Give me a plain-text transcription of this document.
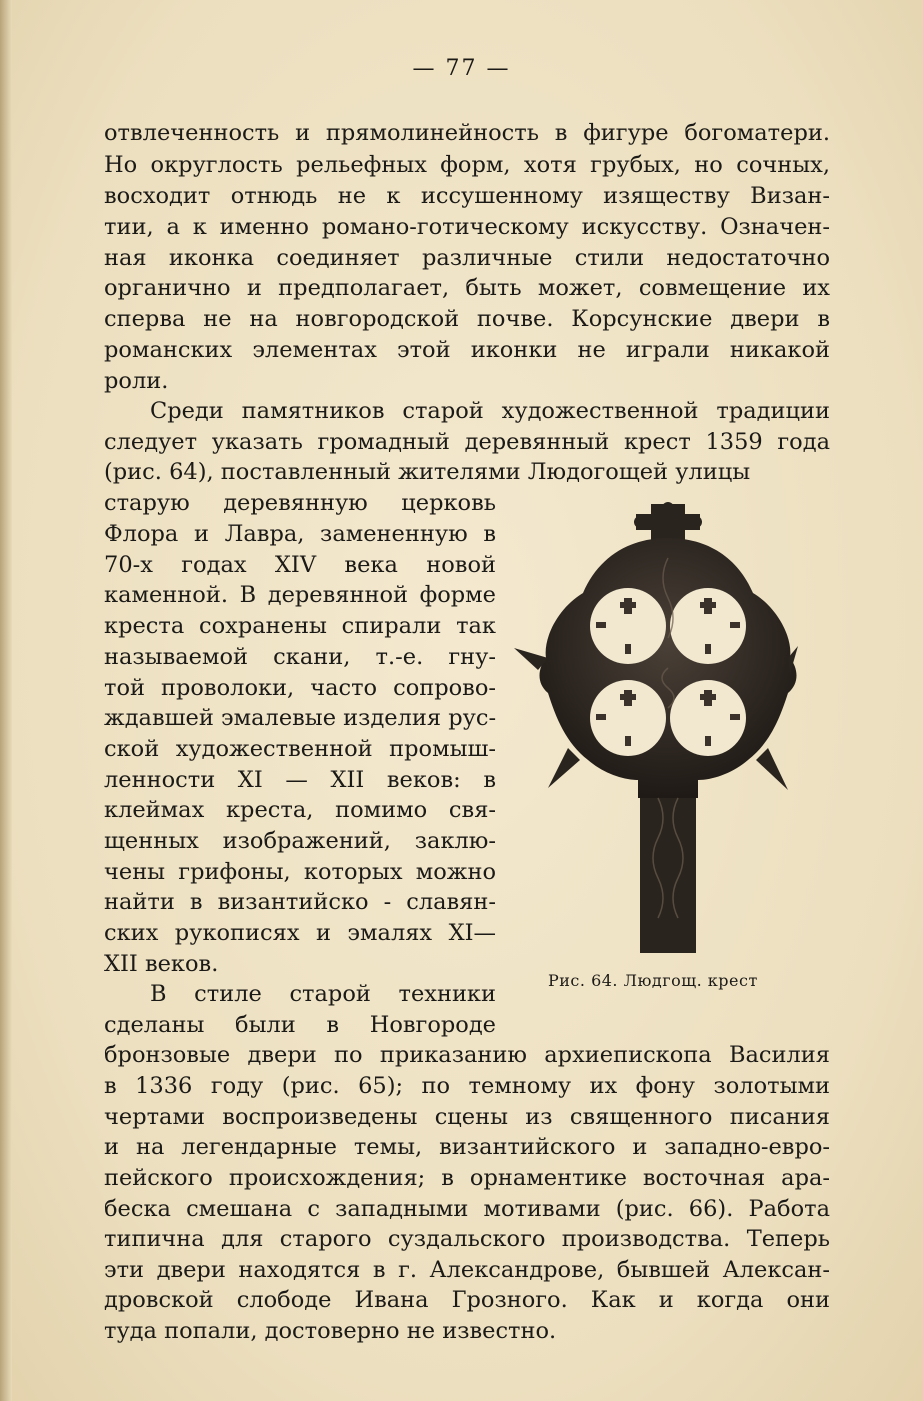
— 77 —
отвлеченность и прямолинейность в фигуре богоматери.
Но округлость рельефных форм, хотя грубых, но сочных,
восходит отнюдь не к иссушенному изяществу Визан-
тии, а к именно романо-готическому искусству. Означен-
ная иконка соединяет различные стили недостаточно
органично и предполагает, быть может, совмещение их
сперва не на новгородской почве. Корсунские двери в
романских элементах этой иконки не играли никакой
роли.
Среди памятников старой художественной традиции
следует указать громадный деревянный крест 1359 года
(рис. 64), поставленный жителями Людогощей улицы
старую деревянную церковь
Флора и Лавра, замененную в
70-х годах XIV века новой
каменной. В деревянной форме
креста сохранены спирали так
называемой скани, т.-е. гну-
той проволоки, часто сопрово-
ждавшей эмалевые изделия рус-
ской художественной промыш-
ленности XI — XII веков: в
клеймах креста, помимо свя-
щенных изображений, заклю-
чены грифоны, которых можно
найти в византийско - славян-
ских рукописях и эмалях XI—
XII веков.
В стиле старой техники
сделаны были в Новгороде
бронзовые двери по приказанию архиепископа Василия
в 1336 году (рис. 65); по темному их фону золотыми
чертами воспроизведены сцены из священного писания
и на легендарные темы, византийского и западно-евро-
пейского происхождения; в орнаментике восточная ара-
беска смешана с западными мотивами (рис. 66). Работа
типична для старого суздальского производства. Теперь
эти двери находятся в г. Александрове, бывшей Алексан-
дровской слободе Ивана Грозного. Как и когда они
туда попали, достоверно не известно.
Рис. 64. Людгощ. крест
